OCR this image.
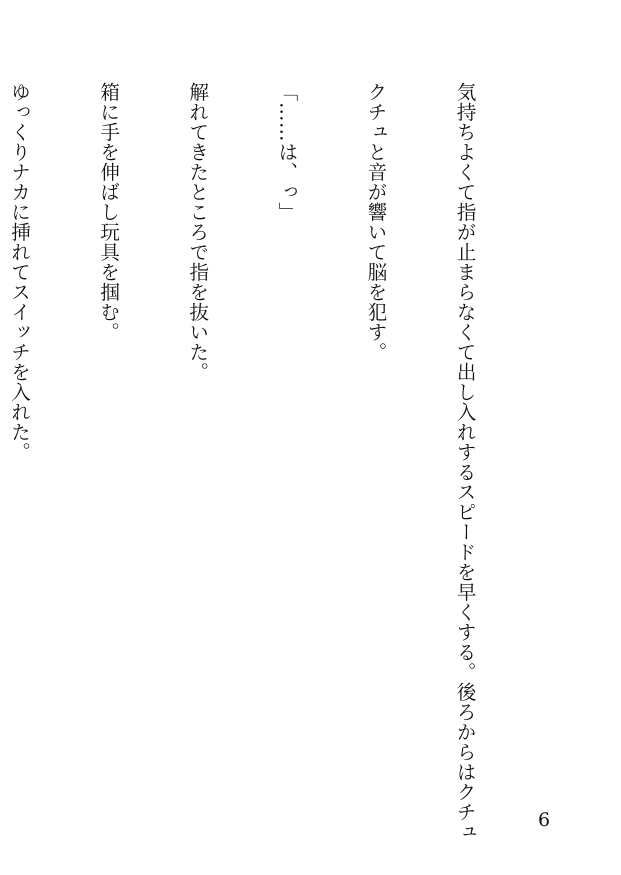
気持ちよくて指が止まらなくて出し入れするスピードを早くする。後ろからはクチュ

クチュと音が響いて脳を犯す。

「……は、っ」

解れてきたところで指を抜いた。

箱に手を伸ばし玩具を掴む。

ゆっくりナカに挿れてスイッチを入れた。

6
